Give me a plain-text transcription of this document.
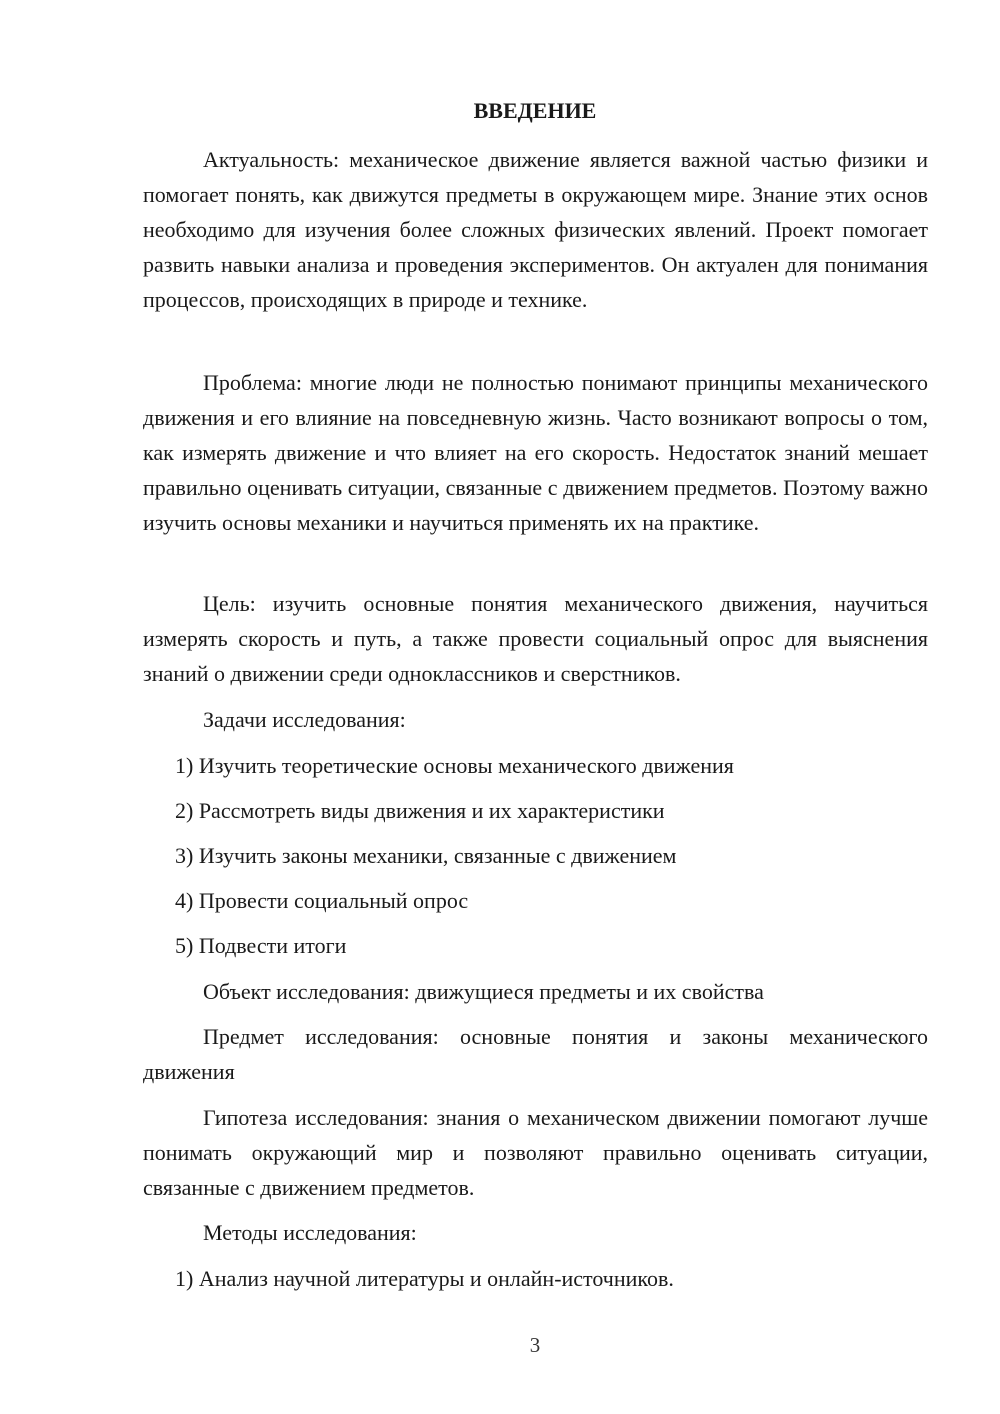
ВВЕДЕНИЕ

Актуальность: механическое движение является важной частью физики и помогает понять, как движутся предметы в окружающем мире. Знание этих основ необходимо для изучения более сложных физических явлений. Проект помогает развить навыки анализа и проведения экспериментов. Он актуален для понимания процессов, происходящих в природе и технике.

Проблема: многие люди не полностью понимают принципы механического движения и его влияние на повседневную жизнь. Часто возникают вопросы о том, как измерять движение и что влияет на его скорость. Недостаток знаний мешает правильно оценивать ситуации, связанные с движением предметов. Поэтому важно изучить основы механики и научиться применять их на практике.

Цель: изучить основные понятия механического движения, научиться измерять скорость и путь, а также провести социальный опрос для выяснения знаний о движении среди одноклассников и сверстников.

Задачи исследования:
1) Изучить теоретические основы механического движения
2) Рассмотреть виды движения и их характеристики
3) Изучить законы механики, связанные с движением
4) Провести социальный опрос
5) Подвести итоги
Объект исследования: движущиеся предметы и их свойства

Предмет исследования: основные понятия и законы механического движения

Гипотеза исследования: знания о механическом движении помогают лучше понимать окружающий мир и позволяют правильно оценивать ситуации, связанные с движением предметов.

Методы исследования:
1) Анализ научной литературы и онлайн-источников.
3
